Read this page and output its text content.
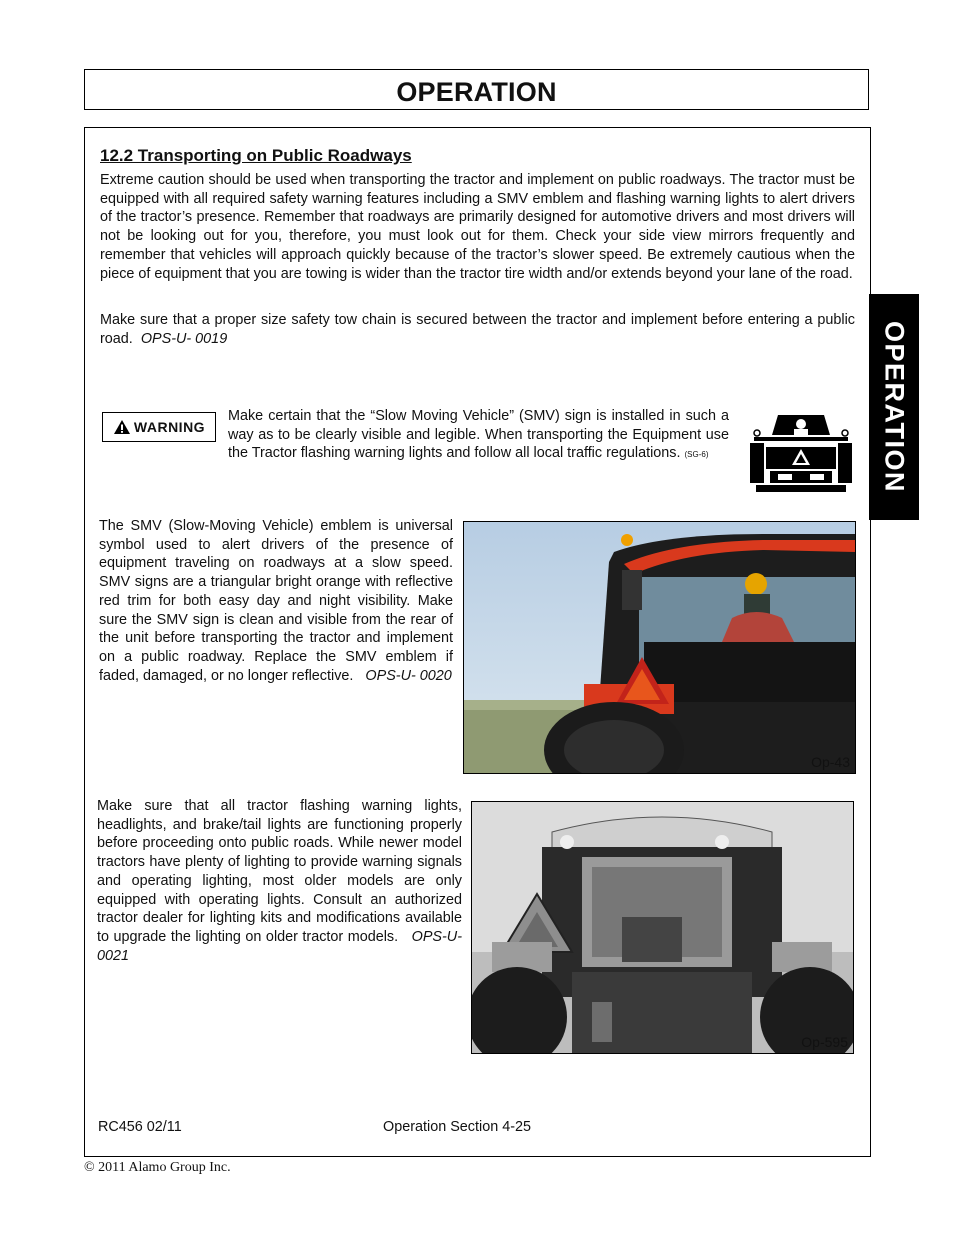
OPERATION
OPERATION
12.2 Transporting on Public Roadways

Extreme caution should be used when transporting the tractor and implement on public roadways. The tractor must be equipped with all required safety warning features including a SMV emblem and flashing warning lights to alert drivers of the tractor’s presence. Remember that roadways are primarily designed for automotive drivers and most drivers will not be looking out for you, therefore, you must look out for them. Check your side view mirrors frequently and remember that vehicles will approach quickly because of the tractor’s slower speed. Be extremely cautious when the piece of equipment that you are towing is wider than the tractor tire width and/or extends beyond your lane of the road.

Make sure that a proper size safety tow chain is secured between the tractor and implement before entering a public road. OPS-U- 0019

WARNING

Make certain that the “Slow Moving Vehicle” (SMV) sign is installed in such a way as to be clearly visible and legible. When transporting the Equipment use the Tractor flashing warning lights and follow all local traffic regulations. (SG-6)

The SMV (Slow-Moving Vehicle) emblem is universal symbol used to alert drivers of the presence of equipment traveling on roadways at a slow speed. SMV signs are a triangular bright orange with reflective red trim for both easy day and night visibility. Make sure the SMV sign is clean and visible from the rear of the unit before transporting the tractor and implement on a public roadway. Replace the SMV emblem if faded, damaged, or no longer reflective. OPS-U- 0020

Op-43

Make sure that all tractor flashing warning lights, headlights, and brake/tail lights are functioning properly before proceeding onto public roads. While newer model tractors have plenty of lighting to provide warning signals and operating lighting, most older models are only equipped with operating lights. Consult an authorized tractor dealer for lighting kits and modifications available to upgrade the lighting on older tractor models. OPS-U- 0021

Op-595
RC456 02/11	Operation Section 4-25
© 2011 Alamo Group Inc.
